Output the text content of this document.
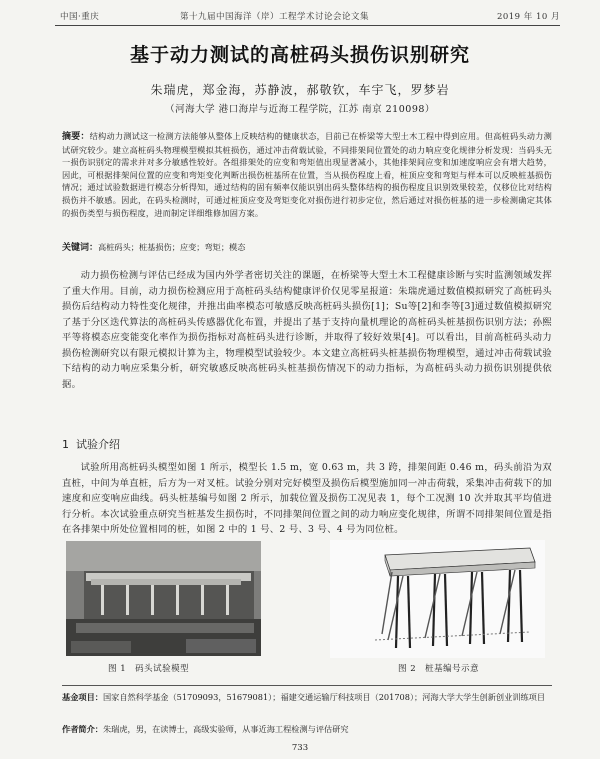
中国·重庆	第十九届中国海洋（岸）工程学术讨论会论文集	2019 年 10 月
基于动力测试的高桩码头损伤识别研究
朱瑞虎，郑金海，苏静波，郝敬钦，车宇飞，罗梦岩
（河海大学 港口海岸与近海工程学院，江苏 南京 210098）
摘要：结构动力测试这一检测方法能够从整体上反映结构的健康状态，目前已在桥梁等大型土木工程中得到应用。但高桩码头动力测试研究较少。建立高桩码头物理模型模拟其桩损伤，通过冲击荷载试验，不同排架间位置处的动力响应变化规律分析发现：当码头无一损伤识别定的需求并对多分敏感性较好。各组排架处的应变和弯矩值出现显著减小，其他排架间应变和加速度响应会有增大趋势，因此，可根据排架间位置的应变和弯矩变化判断出损伤桩基所在位置，当从损伤程度上看，桩顶应变和弯矩与样本可以反映桩基损伤情况；通过试验数据进行模态分析得知，通过结构的固有频率仅能识别出码头整体结构的损伤程度且识别效果较差，仅移位比对结构损伤并不敏感。因此，在码头检测时，可通过桩顶应变及弯矩变化对损伤进行初步定位，然后通过对损伤桩基的进一步检测确定其体的损伤类型与损伤程度，进而制定详细维修加固方案。
关键词：高桩码头；桩基损伤；应变；弯矩；模态
动力损伤检测与评估已经成为国内外学者密切关注的课题，在桥梁等大型土木工程健康诊断与实时监测领域发挥了重大作用。目前，动力损伤检测应用于高桩码头结构健康评价仅见零星报道：朱瑞虎通过数值模拟研究了高桩码头损伤后结构动力特性变化规律，并推出曲率模态可敏感反映高桩码头损伤[1]；Su等[2]和李等[3]通过数值模拟研究了基于分区迭代算法的高桩码头传感器优化布置，并提出了基于支持向量机理论的高桩码头桩基损伤识别方法；孙熙平等将模态应变能变化率作为损伤指标对高桩码头进行诊断，并取得了较好效果[4]。可以看出，目前高桩码头动力损伤检测研究以有限元模拟计算为主，物理模型试验较少。本文建立高桩码头桩基损伤物理模型，通过冲击荷载试验下结构的动力响应采集分析，研究敏感反映高桩码头桩基损伤情况下的动力指标，为高桩码头动力损伤识别提供依据。
1 试验介绍
试验所用高桩码头模型如图 1 所示，模型长 1.5 m，宽 0.63 m，共 3 跨，排架间距 0.46 m，码头前沿为双直桩，中间为单直桩，后方为一对叉桩。试验分别对完好模型及损伤后模型施加同一冲击荷载，采集冲击荷载下的加速度和应变响应曲线。码头桩基编号如图 2 所示，加载位置及损伤工况见表 1，每个工况测 10 次并取其平均值进行分析。本次试验重点研究当桩基发生损伤时，不同排架间位置之间的动力响应变化规律，所谓不同排架间位置是指在各排架中所处位置相同的桩，如图 2 中的 1 号、2 号、3 号、4 号为同位桩。
图 1　码头试验模型	图 2　桩基编号示意
基金项目：国家自然科学基金（51709093，51679081）；福建交通运输厅科技项目（201708）；河海大学大学生创新创业训练项目
作者简介：朱瑞虎，男，在读博士，高级实验师，从事近海工程检测与评估研究
733
